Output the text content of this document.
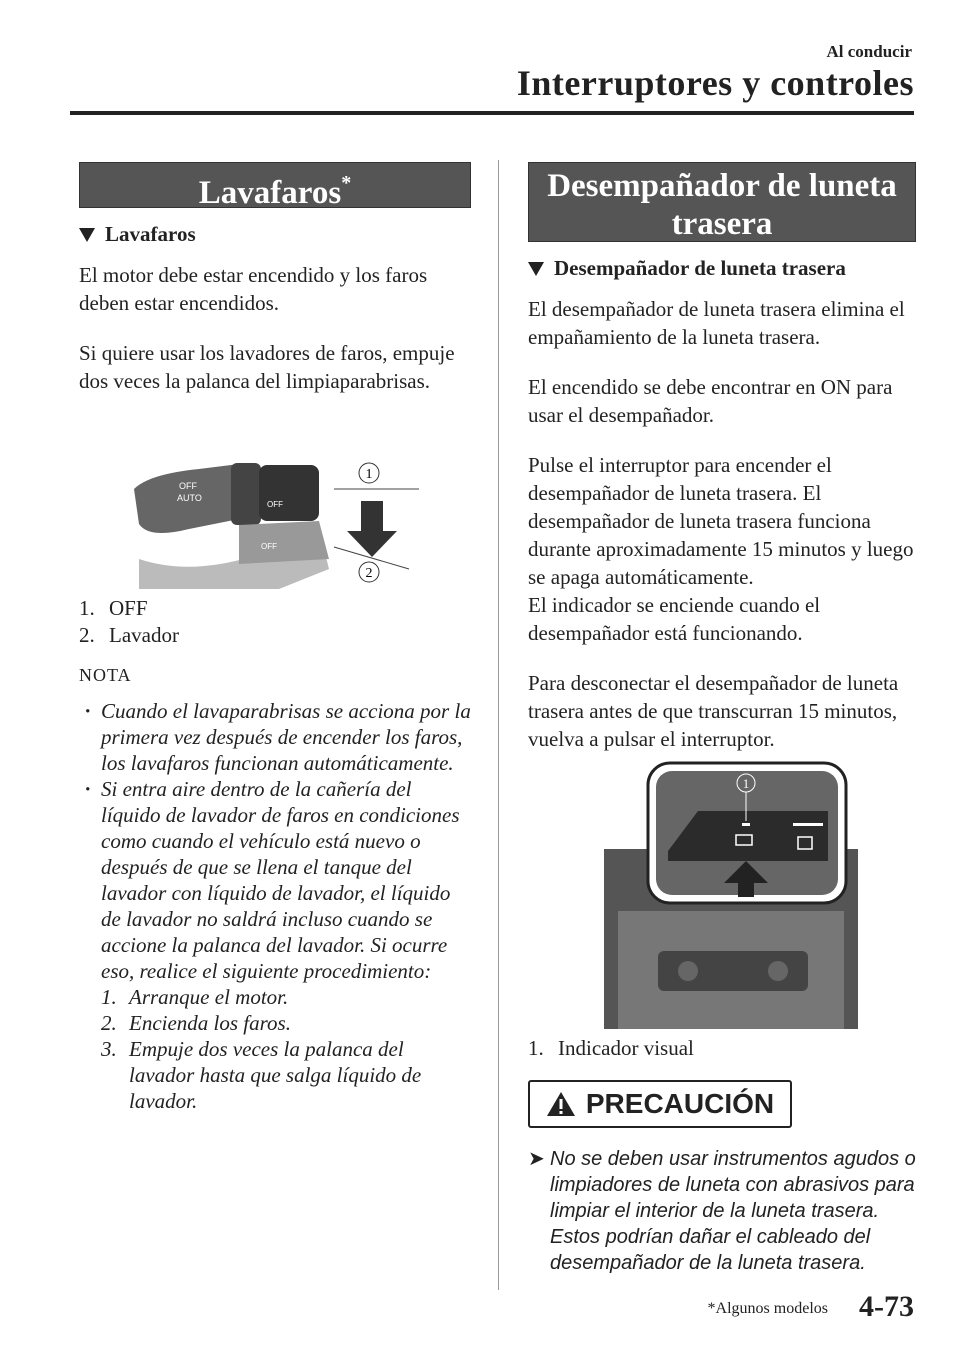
Al conducir
Interruptores y controles
Lavafaros*
Lavafaros

El motor debe estar encendido y los faros deben estar encendidos.

Si quiere usar los lavadores de faros, empuje dos veces la palanca del limpiaparabrisas.

OFF
AUTO
OFF
OFF
1
2
1. OFF
2. Lavador
NOTA
· Cuando el lavaparabrisas se acciona por la primera vez después de encender los faros, los lavafaros funcionan automáticamente.
· Si entra aire dentro de la cañería del líquido de lavador de faros en condiciones como cuando el vehículo está nuevo o después de que se llena el tanque del lavador con líquido de lavador, el líquido de lavador no saldrá incluso cuando se accione la palanca del lavador. Si ocurre eso, realice el siguiente procedimiento:
1. Arranque el motor.
2. Encienda los faros.
3. Empuje dos veces la palanca del lavador hasta que salga líquido de lavador.
Desempañador de luneta
trasera
Desempañador de luneta trasera

El desempañador de luneta trasera elimina el empañamiento de la luneta trasera.

El encendido se debe encontrar en ON para usar el desempañador.

Pulse el interruptor para encender el desempañador de luneta trasera. El desempañador de luneta trasera funciona durante aproximadamente 15 minutos y luego se apaga automáticamente.

El indicador se enciende cuando el desempañador está funcionando.

Para desconectar el desempañador de luneta trasera antes de que transcurran 15 minutos, vuelva a pulsar el interruptor.

1
1. Indicador visual
PRECAUCIÓN
➤ No se deben usar instrumentos agudos o limpiadores de luneta con abrasivos para limpiar el interior de la luneta trasera. Estos podrían dañar el cableado del desempañador de la luneta trasera.
*Algunos modelos 4-73
